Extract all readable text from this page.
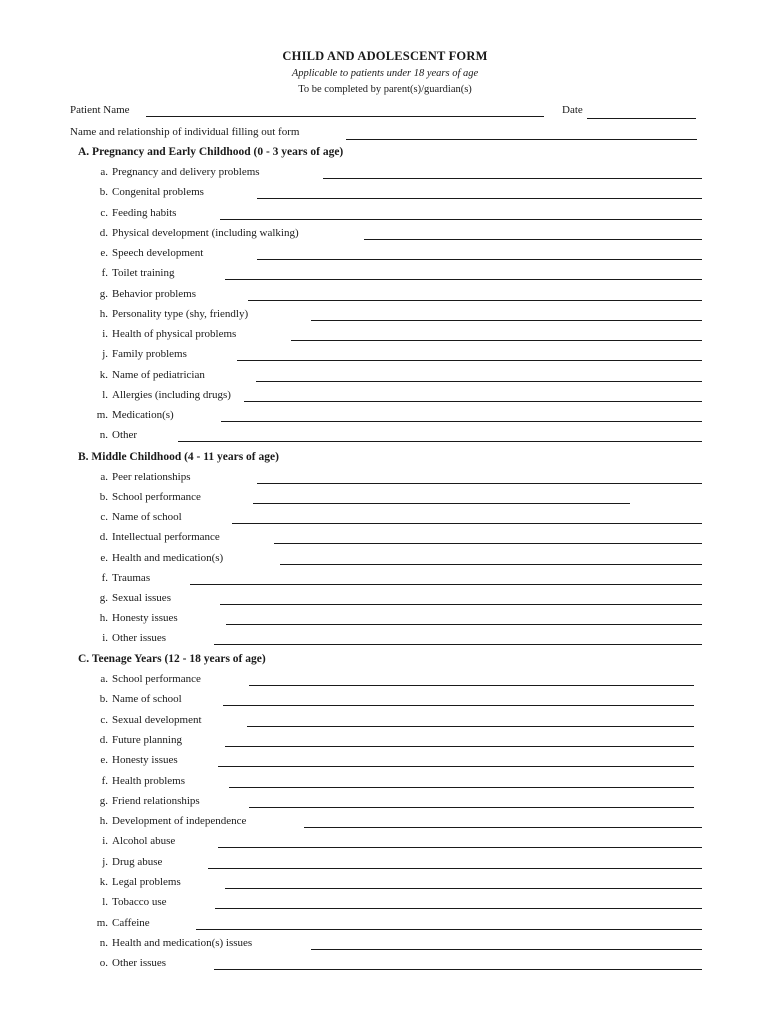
CHILD AND ADOLESCENT FORM
Applicable to patients under 18 years of age
To be completed by parent(s)/guardian(s)
Patient Name	Date
Name and relationship of individual filling out form
A. Pregnancy and Early Childhood (0 - 3 years of age)
a. Pregnancy and delivery problems
b. Congenital problems
c. Feeding habits
d. Physical development (including walking)
e. Speech development
f. Toilet training
g. Behavior problems
h. Personality type (shy, friendly)
i. Health of physical problems
j. Family problems
k. Name of pediatrician
l. Allergies (including drugs)
m. Medication(s)
n. Other
B. Middle Childhood (4 - 11 years of age)
a. Peer relationships
b. School performance
c. Name of school
d. Intellectual performance
e. Health and medication(s)
f. Traumas
g. Sexual issues
h. Honesty issues
i. Other issues
C. Teenage Years (12 - 18 years of age)
a. School performance
b. Name of school
c. Sexual development
d. Future planning
e. Honesty issues
f. Health problems
g. Friend relationships
h. Development of independence
i. Alcohol abuse
j. Drug abuse
k. Legal problems
l. Tobacco use
m. Caffeine
n. Health and medication(s) issues
o. Other issues
